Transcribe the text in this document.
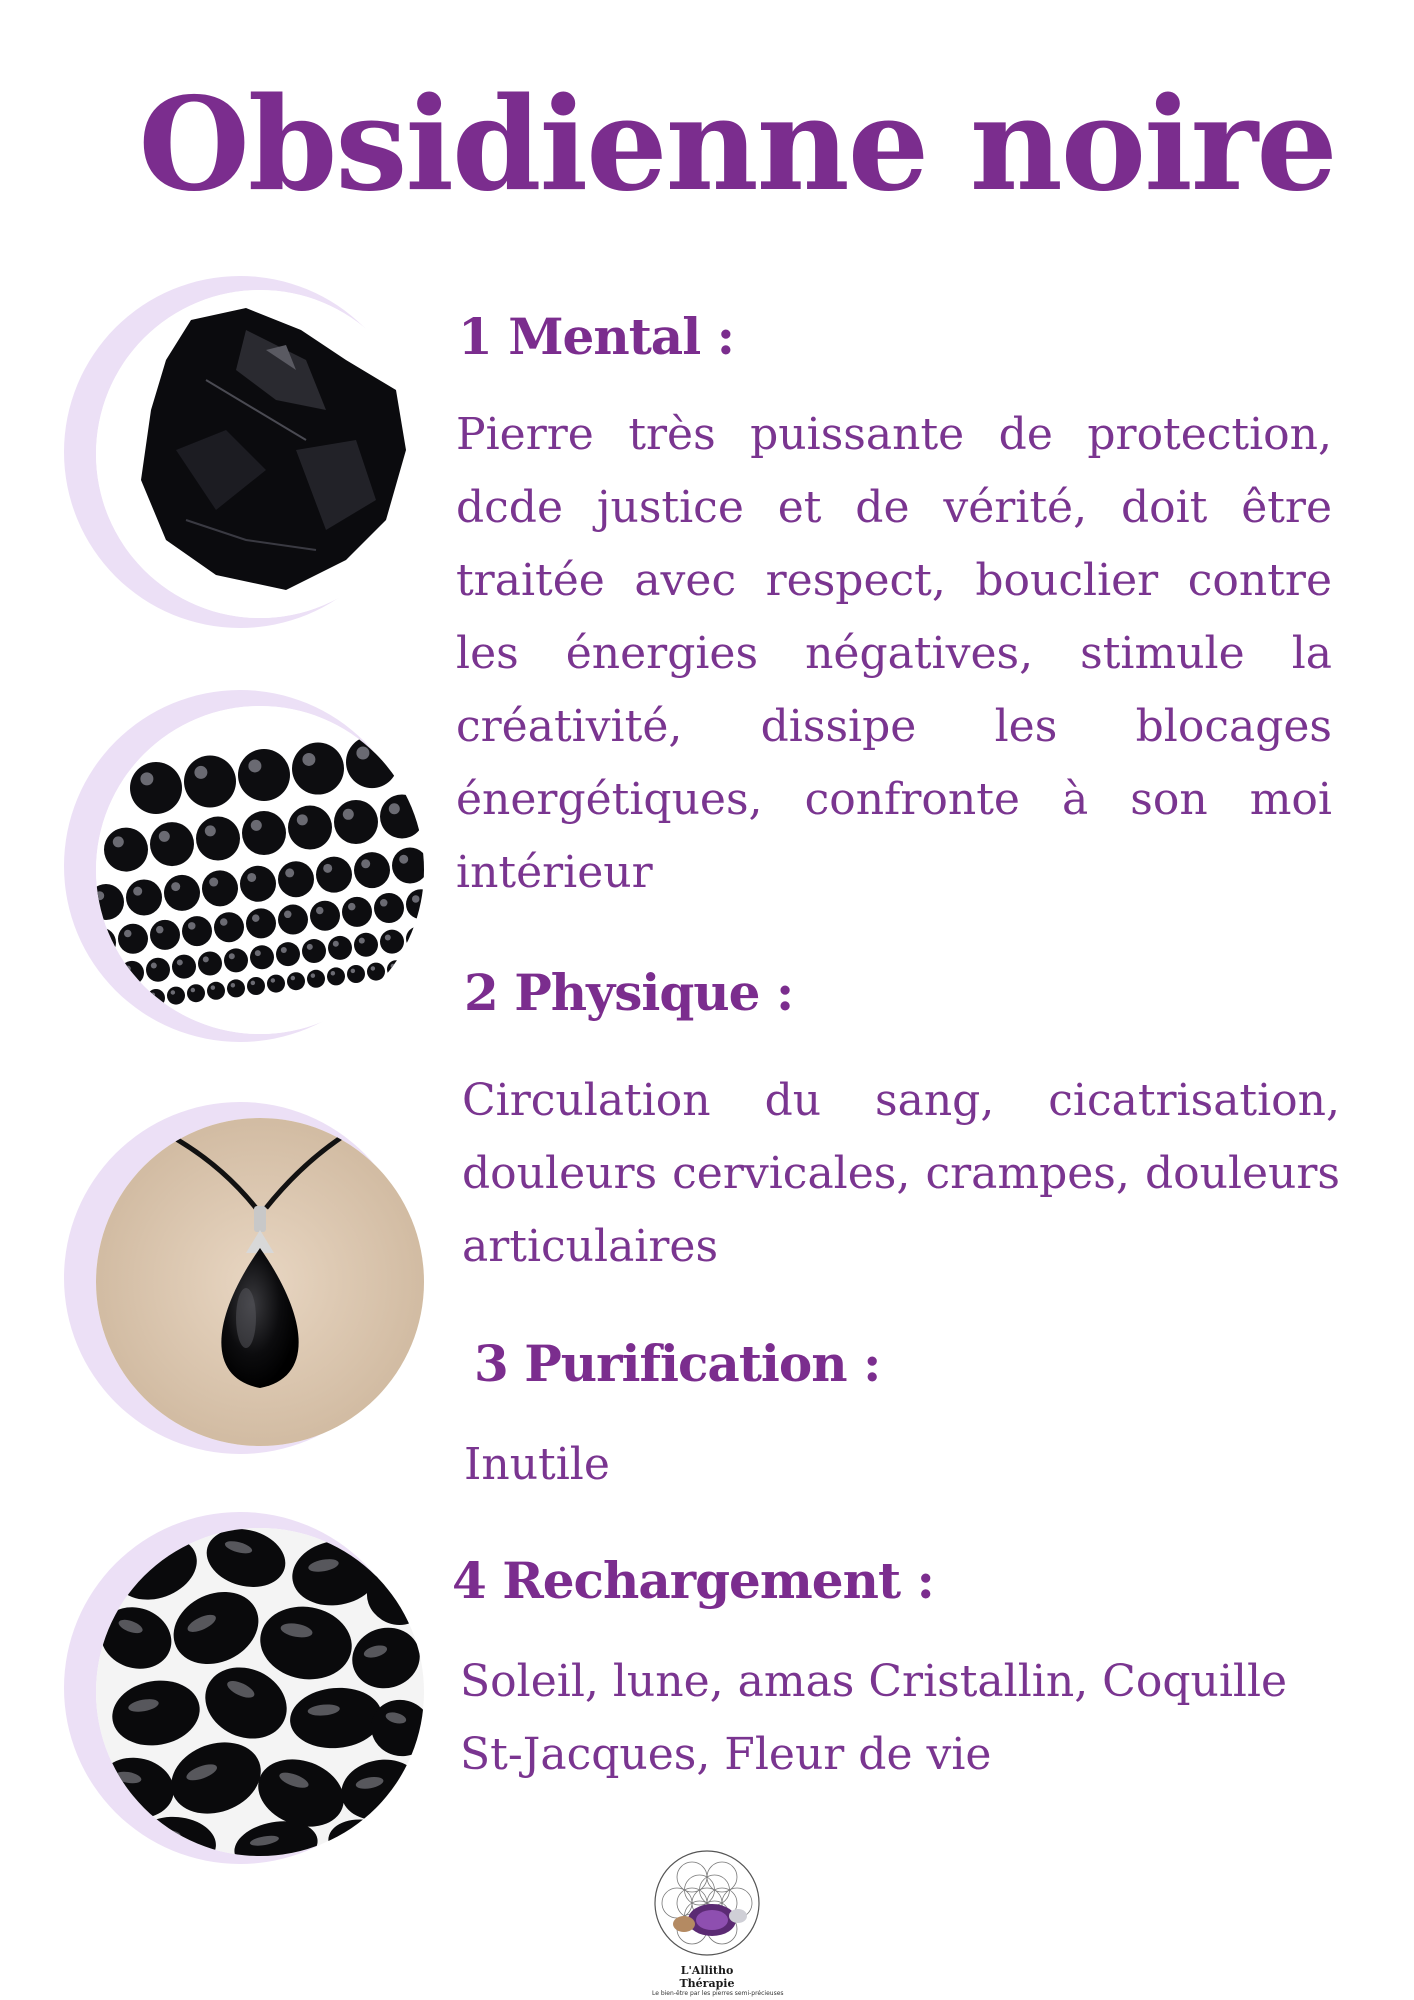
Obsidienne noire
1 Mental :

Pierre très puissante de protection, dcde justice et de vérité, doit être traitée avec respect, bouclier contre les énergies négatives, stimule la créativité, dissipe les blocages énergétiques, confronte à son moi intérieur

2 Physique :

Circulation du sang, cicatrisation, douleurs cervicales, crampes, douleurs articulaires

3 Purification :

Inutile

4 Rechargement :

Soleil, lune, amas Cristallin, Coquille St-Jacques, Fleur de vie

L'Allitho Thérapie
Le bien-être par les pierres semi-précieuses
